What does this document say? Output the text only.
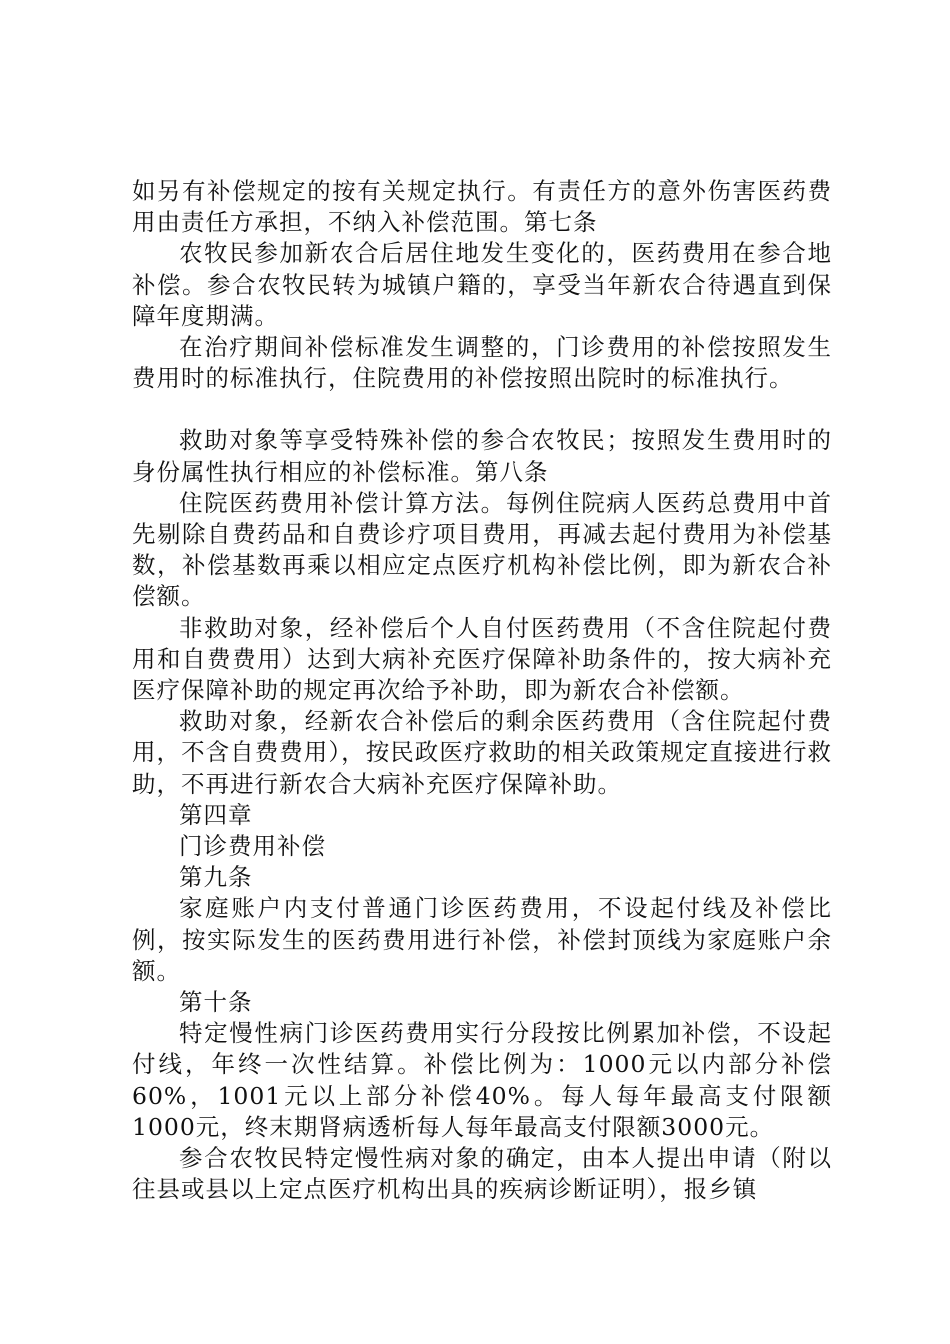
如另有补偿规定的按有关规定执行。有责任方的意外伤害医药费用由责任方承担，不纳入补偿范围。第七条

农牧民参加新农合后居住地发生变化的，医药费用在参合地补偿。参合农牧民转为城镇户籍的，享受当年新农合待遇直到保障年度期满。

在治疗期间补偿标准发生调整的，门诊费用的补偿按照发生费用时的标准执行，住院费用的补偿按照出院时的标准执行。

救助对象等享受特殊补偿的参合农牧民；按照发生费用时的身份属性执行相应的补偿标准。第八条

住院医药费用补偿计算方法。每例住院病人医药总费用中首先剔除自费药品和自费诊疗项目费用，再减去起付费用为补偿基数，补偿基数再乘以相应定点医疗机构补偿比例，即为新农合补偿额。

非救助对象，经补偿后个人自付医药费用（不含住院起付费用和自费费用）达到大病补充医疗保障补助条件的，按大病补充医疗保障补助的规定再次给予补助，即为新农合补偿额。

救助对象，经新农合补偿后的剩余医药费用（含住院起付费用，不含自费费用），按民政医疗救助的相关政策规定直接进行救助，不再进行新农合大病补充医疗保障补助。

第四章

门诊费用补偿

第九条

家庭账户内支付普通门诊医药费用，不设起付线及补偿比例，按实际发生的医药费用进行补偿，补偿封顶线为家庭账户余额。

第十条

特定慢性病门诊医药费用实行分段按比例累加补偿，不设起付线，年终一次性结算。补偿比例为：1000元以内部分补偿60%，1001元以上部分补偿40%。每人每年最高支付限额1000元，终末期肾病透析每人每年最高支付限额3000元。

参合农牧民特定慢性病对象的确定，由本人提出申请（附以往县或县以上定点医疗机构出具的疾病诊断证明），报乡镇
